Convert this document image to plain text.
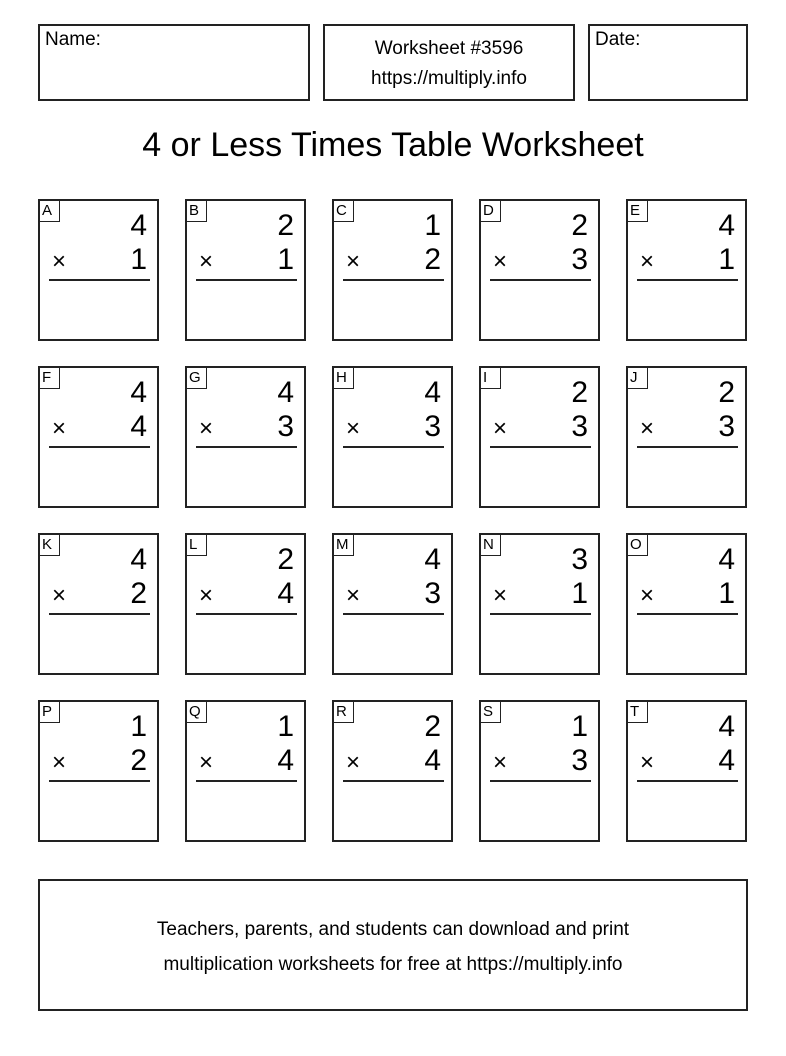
Name:	Worksheet #3596
https://multiply.info
Date:
4 or Less Times Table Worksheet
A	4
× 1
B	2
× 1
C	1
× 2
D	2
× 3
E	4
× 1
F	4
× 4
G	4
× 3
H	4
× 3
I	2
× 3
J	2
× 3
K	4
× 2
L	2
× 4
M	4
× 3
N	3
× 1
O	4
× 1
P	1
× 2
Q	1
× 4
R	2
× 4
S	1
× 3
T	4
× 4
Teachers, parents, and students can download and print
multiplication worksheets for free at https://multiply.info
